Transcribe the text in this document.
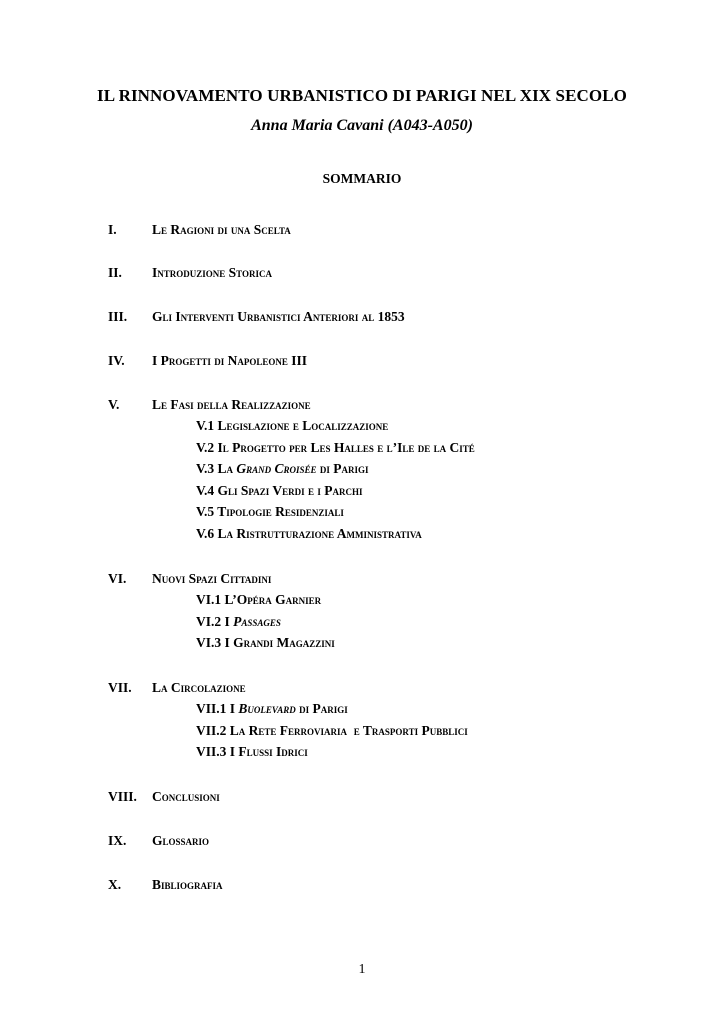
IL RINNOVAMENTO URBANISTICO DI PARIGI NEL XIX SECOLO
Anna Maria Cavani (A043-A050)
SOMMARIO
I.	Le Ragioni di una Scelta
II. Introduzione Storica
III. Gli Interventi Urbanistici Anteriori al 1853
IV. I Progetti di Napoleone III
V. Le Fasi della Realizzazione
V.1 Legislazione e Localizzazione
V.2 Il Progetto per Les Halles e l’Ile de la Cité
V.3 La Grand Croisée di Parigi
V.4 Gli Spazi Verdi e i Parchi
V.5 Tipologie Residenziali
V.6 La Ristrutturazione Amministrativa
VI. Nuovi Spazi Cittadini
VI.1 L’Opéra Garnier
VI.2 I Passages
VI.3 I Grandi Magazzini
VII. La Circolazione
VII.1 I Buolevard di Parigi
VII.2 La Rete Ferroviaria  e Trasporti Pubblici
VII.3 I Flussi Idrici
VIII. Conclusioni
IX. Glossario
X. Bibliografia
1
